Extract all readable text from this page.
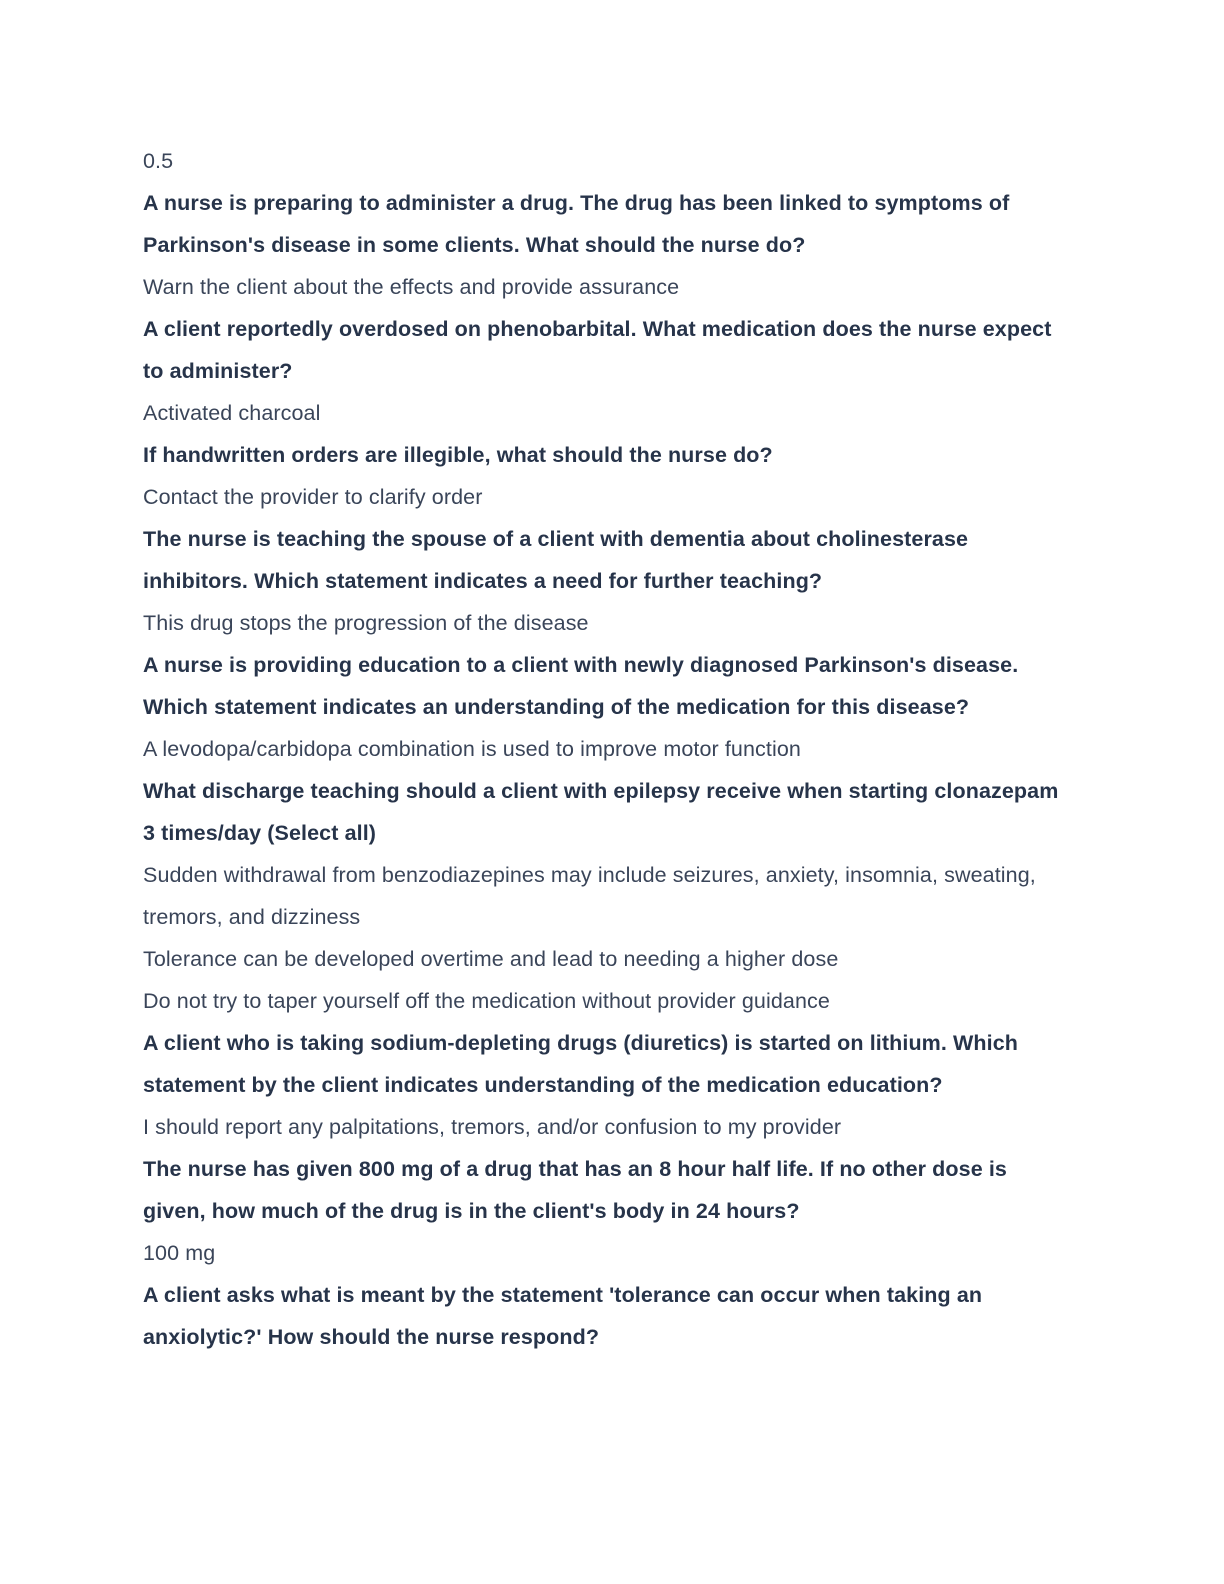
0.5
A nurse is preparing to administer a drug. The drug has been linked to symptoms of Parkinson's disease in some clients. What should the nurse do?
Warn the client about the effects and provide assurance
A client reportedly overdosed on phenobarbital. What medication does the nurse expect to administer?
Activated charcoal
If handwritten orders are illegible, what should the nurse do?
Contact the provider to clarify order
The nurse is teaching the spouse of a client with dementia about cholinesterase inhibitors. Which statement indicates a need for further teaching?
This drug stops the progression of the disease
A nurse is providing education to a client with newly diagnosed Parkinson's disease. Which statement indicates an understanding of the medication for this disease?
A levodopa/carbidopa combination is used to improve motor function
What discharge teaching should a client with epilepsy receive when starting clonazepam 3 times/day (Select all)
Sudden withdrawal from benzodiazepines may include seizures, anxiety, insomnia, sweating, tremors, and dizziness
Tolerance can be developed overtime and lead to needing a higher dose
Do not try to taper yourself off the medication without provider guidance
A client who is taking sodium-depleting drugs (diuretics) is started on lithium. Which statement by the client indicates understanding of the medication education?
I should report any palpitations, tremors, and/or confusion to my provider
The nurse has given 800 mg of a drug that has an 8 hour half life. If no other dose is given, how much of the drug is in the client's body in 24 hours?
100 mg
A client asks what is meant by the statement 'tolerance can occur when taking an anxiolytic?' How should the nurse respond?
